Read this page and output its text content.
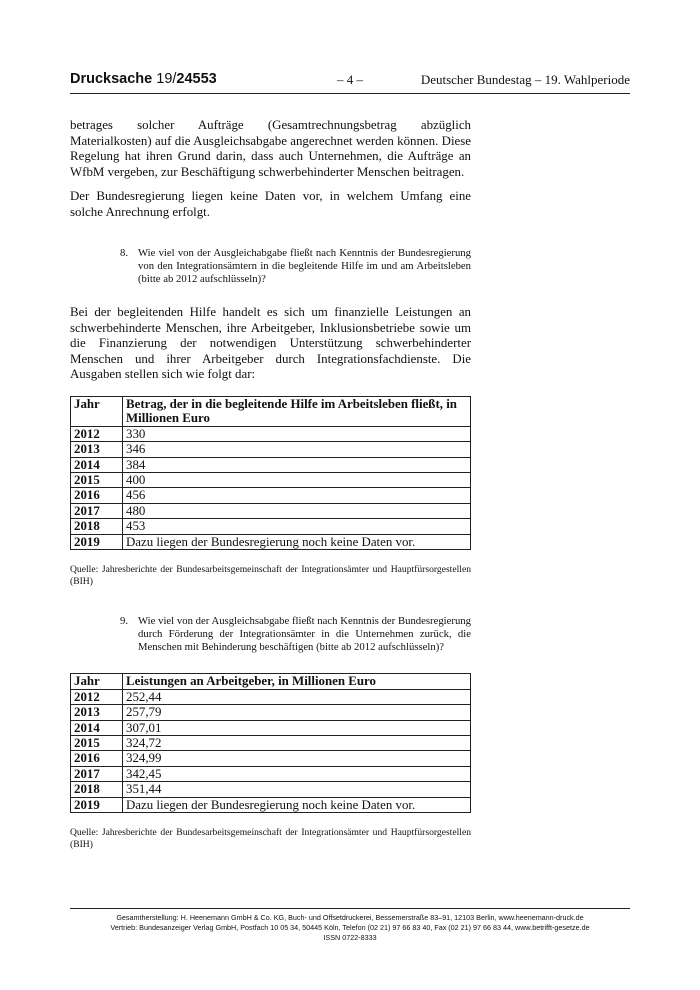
Drucksache 19/24553	– 4 –	Deutscher Bundestag – 19. Wahlperiode

betrages solcher Aufträge (Gesamtrechnungsbetrag abzüglich Materialkosten) auf die Ausgleichsabgabe angerechnet werden können. Diese Regelung hat ihren Grund darin, dass auch Unternehmen, die Aufträge an WfbM vergeben, zur Beschäftigung schwerbehinderter Menschen beitragen.

Der Bundesregierung liegen keine Daten vor, in welchem Umfang eine solche Anrechnung erfolgt.

8. Wie viel von der Ausgleichabgabe fließt nach Kenntnis der Bundesregierung von den Integrationsämtern in die begleitende Hilfe im und am Arbeitsleben (bitte ab 2012 aufschlüsseln)?

Bei der begleitenden Hilfe handelt es sich um finanzielle Leistungen an schwerbehinderte Menschen, ihre Arbeitgeber, Inklusionsbetriebe sowie um die Finanzierung der notwendigen Unterstützung schwerbehinderter Menschen und ihrer Arbeitgeber durch Integrationsfachdienste. Die Ausgaben stellen sich wie folgt dar:

Jahr	Betrag, der in die begleitende Hilfe im Arbeitsleben fließt, in Millionen Euro
2012	330
2013	346
2014	384
2015	400
2016	456
2017	480
2018	453
2019	Dazu liegen der Bundesregierung noch keine Daten vor.

Quelle: Jahresberichte der Bundesarbeitsgemeinschaft der Integrationsämter und Hauptfürsorgestellen (BIH)

9. Wie viel von der Ausgleichsabgabe fließt nach Kenntnis der Bundesregierung durch Förderung der Integrationsämter in die Unternehmen zurück, die Menschen mit Behinderung beschäftigen (bitte ab 2012 aufschlüsseln)?
Jahr	Leistungen an Arbeitgeber, in Millionen Euro
2012	252,44
2013	257,79
2014	307,01
2015	324,72
2016	324,99
2017	342,45
2018	351,44
2019	Dazu liegen der Bundesregierung noch keine Daten vor.

Quelle: Jahresberichte der Bundesarbeitsgemeinschaft der Integrationsämter und Hauptfürsorgestellen (BIH)

Gesamtherstellung: H. Heenemann GmbH & Co. KG, Buch- und Offsetdruckerei, Bessemerstraße 83–91, 12103 Berlin, www.heenemann-druck.de
Vertrieb: Bundesanzeiger Verlag GmbH, Postfach 10 05 34, 50445 Köln, Telefon (02 21) 97 66 83 40, Fax (02 21) 97 66 83 44, www.betrifft-gesetze.de
ISSN 0722-8333
